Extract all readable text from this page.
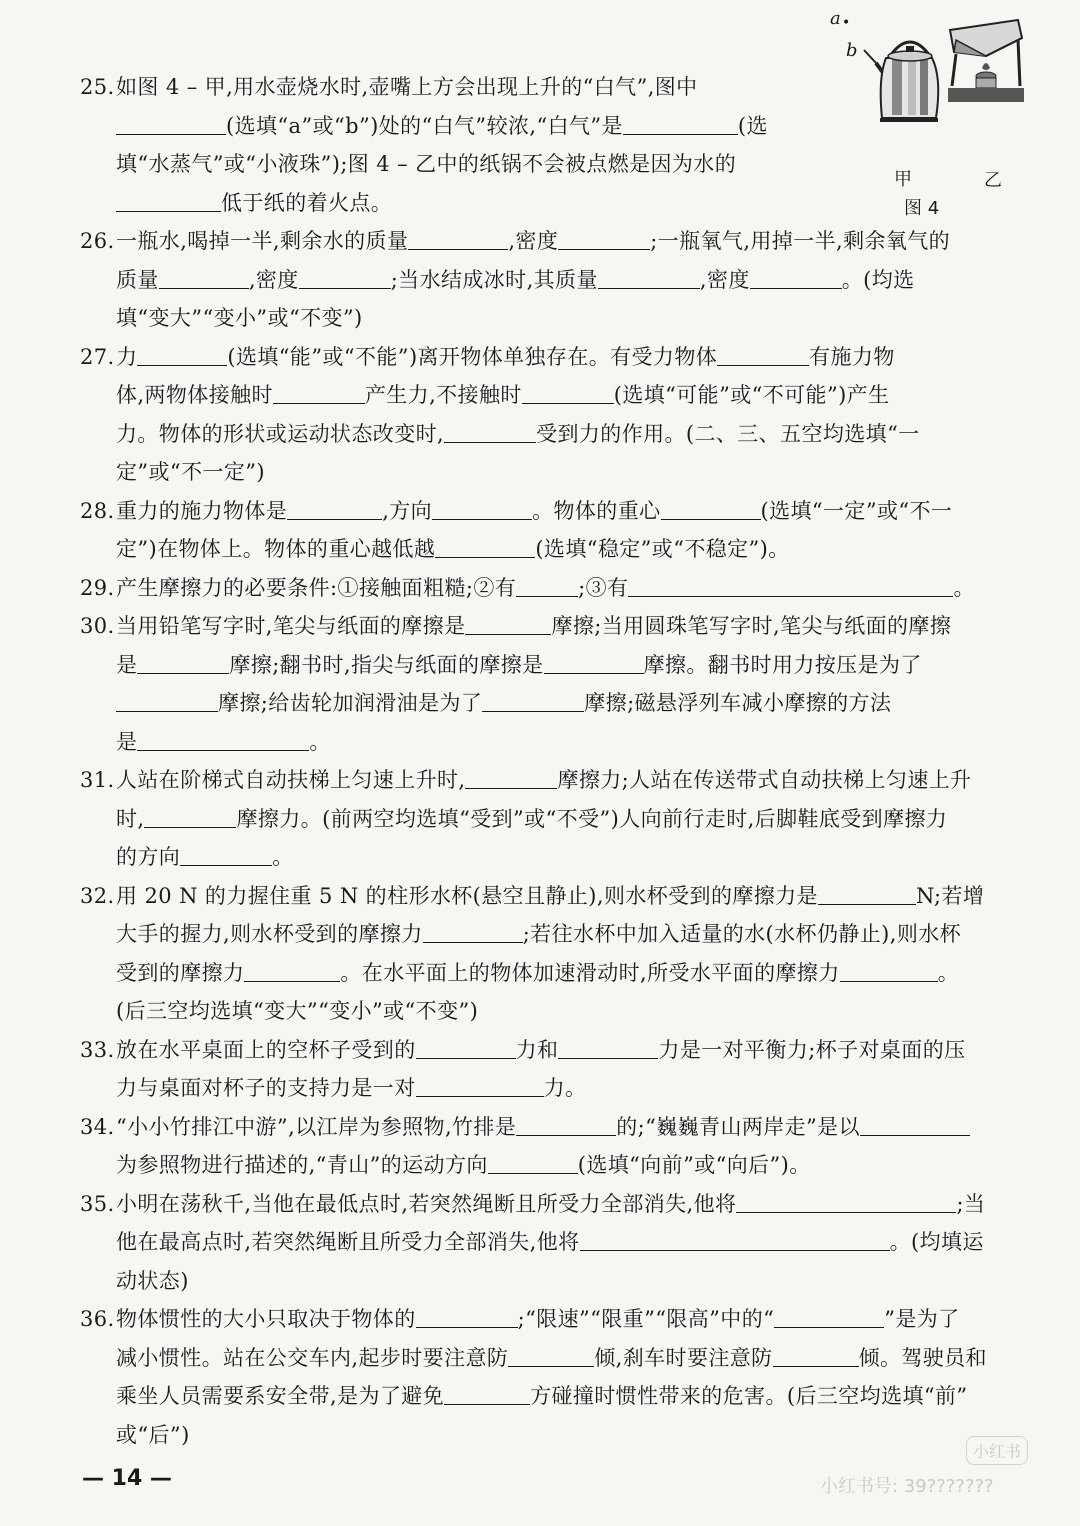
25.如图 4 – 甲,用水壶烧水时,壶嘴上方会出现上升的“白气”,图中
(选填“a”或“b”)处的“白气”较浓,“白气”是	(选
填“水蒸气”或“小液珠”);图 4 – 乙中的纸锅不会被点燃是因为水的
低于纸的着火点。
26.一瓶水,喝掉一半,剩余水的质量	,密度	;一瓶氧气,用掉一半,剩余氧气的
质量	,密度	;当水结成冰时,其质量	,密度	。(均选
填“变大”“变小”或“不变”)
27.力	(选填“能”或“不能”)离开物体单独存在。有受力物体	有施力物
体,两物体接触时	产生力,不接触时	(选填“可能”或“不可能”)产生
力。物体的形状或运动状态改变时,	受到力的作用。(二、三、五空均选填“一
定”或“不一定”)
28.重力的施力物体是	,方向	。物体的重心	(选填“一定”或“不一
定”)在物体上。物体的重心越低越	(选填“稳定”或“不稳定”)。
29.产生摩擦力的必要条件:①接触面粗糙;②有	;③有	。
30.当用铅笔写字时,笔尖与纸面的摩擦是	摩擦;当用圆珠笔写字时,笔尖与纸面的摩擦
是	摩擦;翻书时,指尖与纸面的摩擦是	摩擦。翻书时用力按压是为了
摩擦;给齿轮加润滑油是为了	摩擦;磁悬浮列车减小摩擦的方法
是	。
31.人站在阶梯式自动扶梯上匀速上升时,	摩擦力;人站在传送带式自动扶梯上匀速上升
时,	摩擦力。(前两空均选填“受到”或“不受”)人向前行走时,后脚鞋底受到摩擦力
的方向	。
32.用 20 N 的力握住重 5 N 的柱形水杯(悬空且静止),则水杯受到的摩擦力是	N;若增
大手的握力,则水杯受到的摩擦力	;若往水杯中加入适量的水(水杯仍静止),则水杯
受到的摩擦力	。在水平面上的物体加速滑动时,所受水平面的摩擦力	。
(后三空均选填“变大”“变小”或“不变”)
33.放在水平桌面上的空杯子受到的	力和	力是一对平衡力;杯子对桌面的压
力与桌面对杯子的支持力是一对	力。
34.“小小竹排江中游”,以江岸为参照物,竹排是	的;“巍巍青山两岸走”是以
为参照物进行描述的,“青山”的运动方向	(选填“向前”或“向后”)。
35.小明在荡秋千,当他在最低点时,若突然绳断且所受力全部消失,他将	;当
他在最高点时,若突然绳断且所受力全部消失,他将	。(均填运
动状态)
36.物体惯性的大小只取决于物体的	;“限速”“限重”“限高”中的“	”是为了
减小惯性。站在公交车内,起步时要注意防	倾,刹车时要注意防	倾。驾驶员和
乘坐人员需要系安全带,是为了避免	方碰撞时惯性带来的危害。(后三空均选填“前”
或“后”)
a •
b
甲	乙
图 4
— 14 —
小红书
小红书号: 39???????
